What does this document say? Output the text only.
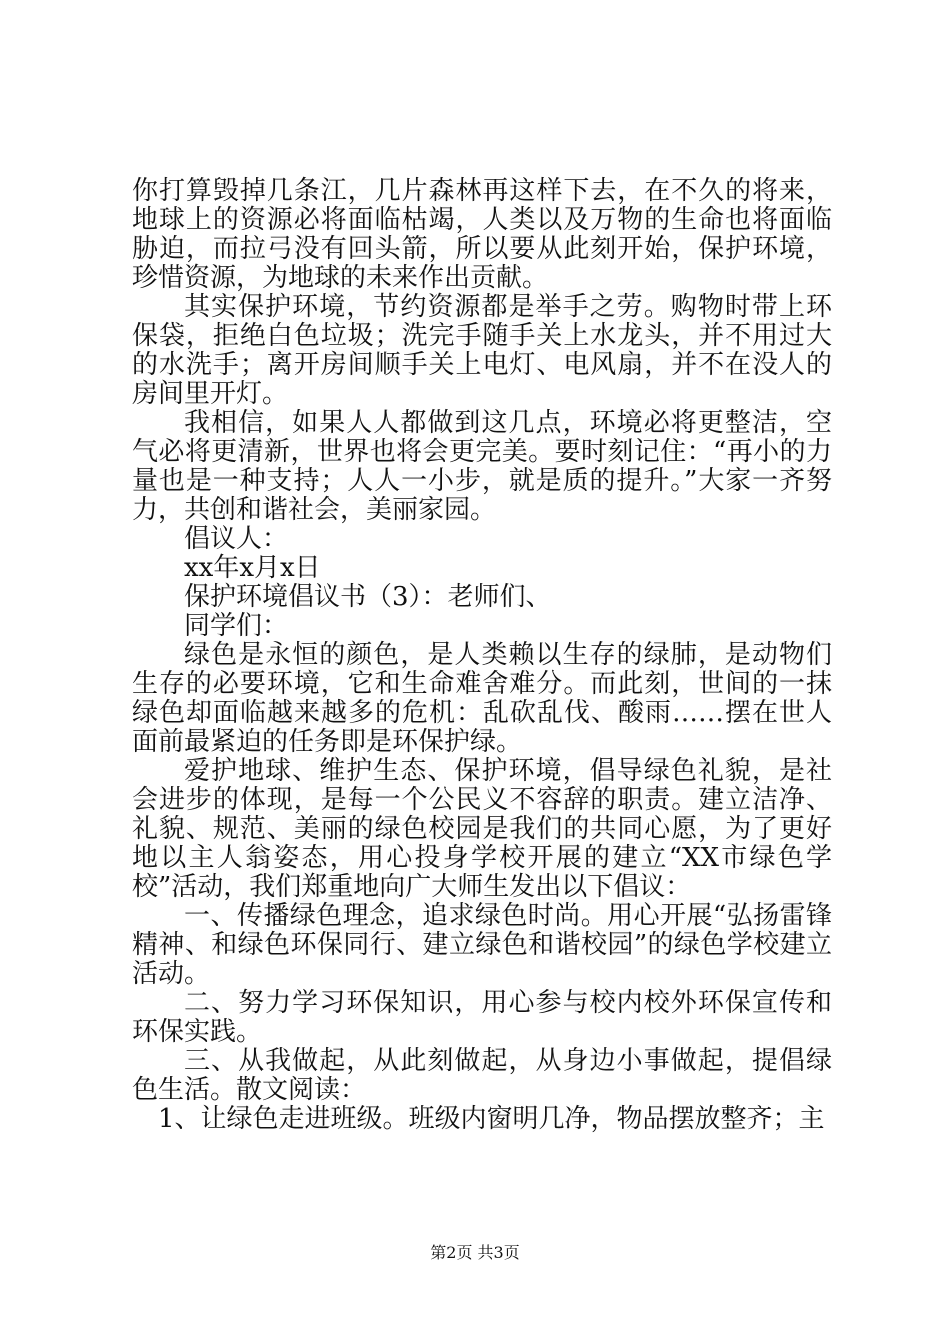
你打算毁掉几条江，几片森林再这样下去，在不久的将来，地球上的资源必将面临枯竭，人类以及万物的生命也将面临胁迫，而拉弓没有回头箭，所以要从此刻开始，保护环境，珍惜资源，为地球的未来作出贡献。

其实保护环境，节约资源都是举手之劳。购物时带上环保袋，拒绝白色垃圾；洗完手随手关上水龙头，并不用过大的水洗手；离开房间顺手关上电灯、电风扇，并不在没人的房间里开灯。

我相信，如果人人都做到这几点，环境必将更整洁，空气必将更清新，世界也将会更完美。要时刻记住：“再小的力量也是一种支持；人人一小步，就是质的提升。”大家一齐努力，共创和谐社会，美丽家园。

倡议人：

xx年x月x日

保护环境倡议书（3）：老师们、

同学们：

绿色是永恒的颜色，是人类赖以生存的绿肺，是动物们生存的必要环境，它和生命难舍难分。而此刻，世间的一抹绿色却面临越来越多的危机：乱砍乱伐、酸雨……摆在世人面前最紧迫的任务即是环保护绿。

爱护地球、维护生态、保护环境，倡导绿色礼貌，是社会进步的体现，是每一个公民义不容辞的职责。建立洁净、礼貌、规范、美丽的绿色校园是我们的共同心愿，为了更好地以主人翁姿态，用心投身学校开展的建立“XX市绿色学校”活动，我们郑重地向广大师生发出以下倡议：

一、传播绿色理念，追求绿色时尚。用心开展“弘扬雷锋精神、和绿色环保同行、建立绿色和谐校园”的绿色学校建立活动。

二、努力学习环保知识，用心参与校内校外环保宣传和环保实践。

三、从我做起，从此刻做起，从身边小事做起，提倡绿色生活。散文阅读：

1、让绿色走进班级。班级内窗明几净，物品摆放整齐；主

第2页 共3页
